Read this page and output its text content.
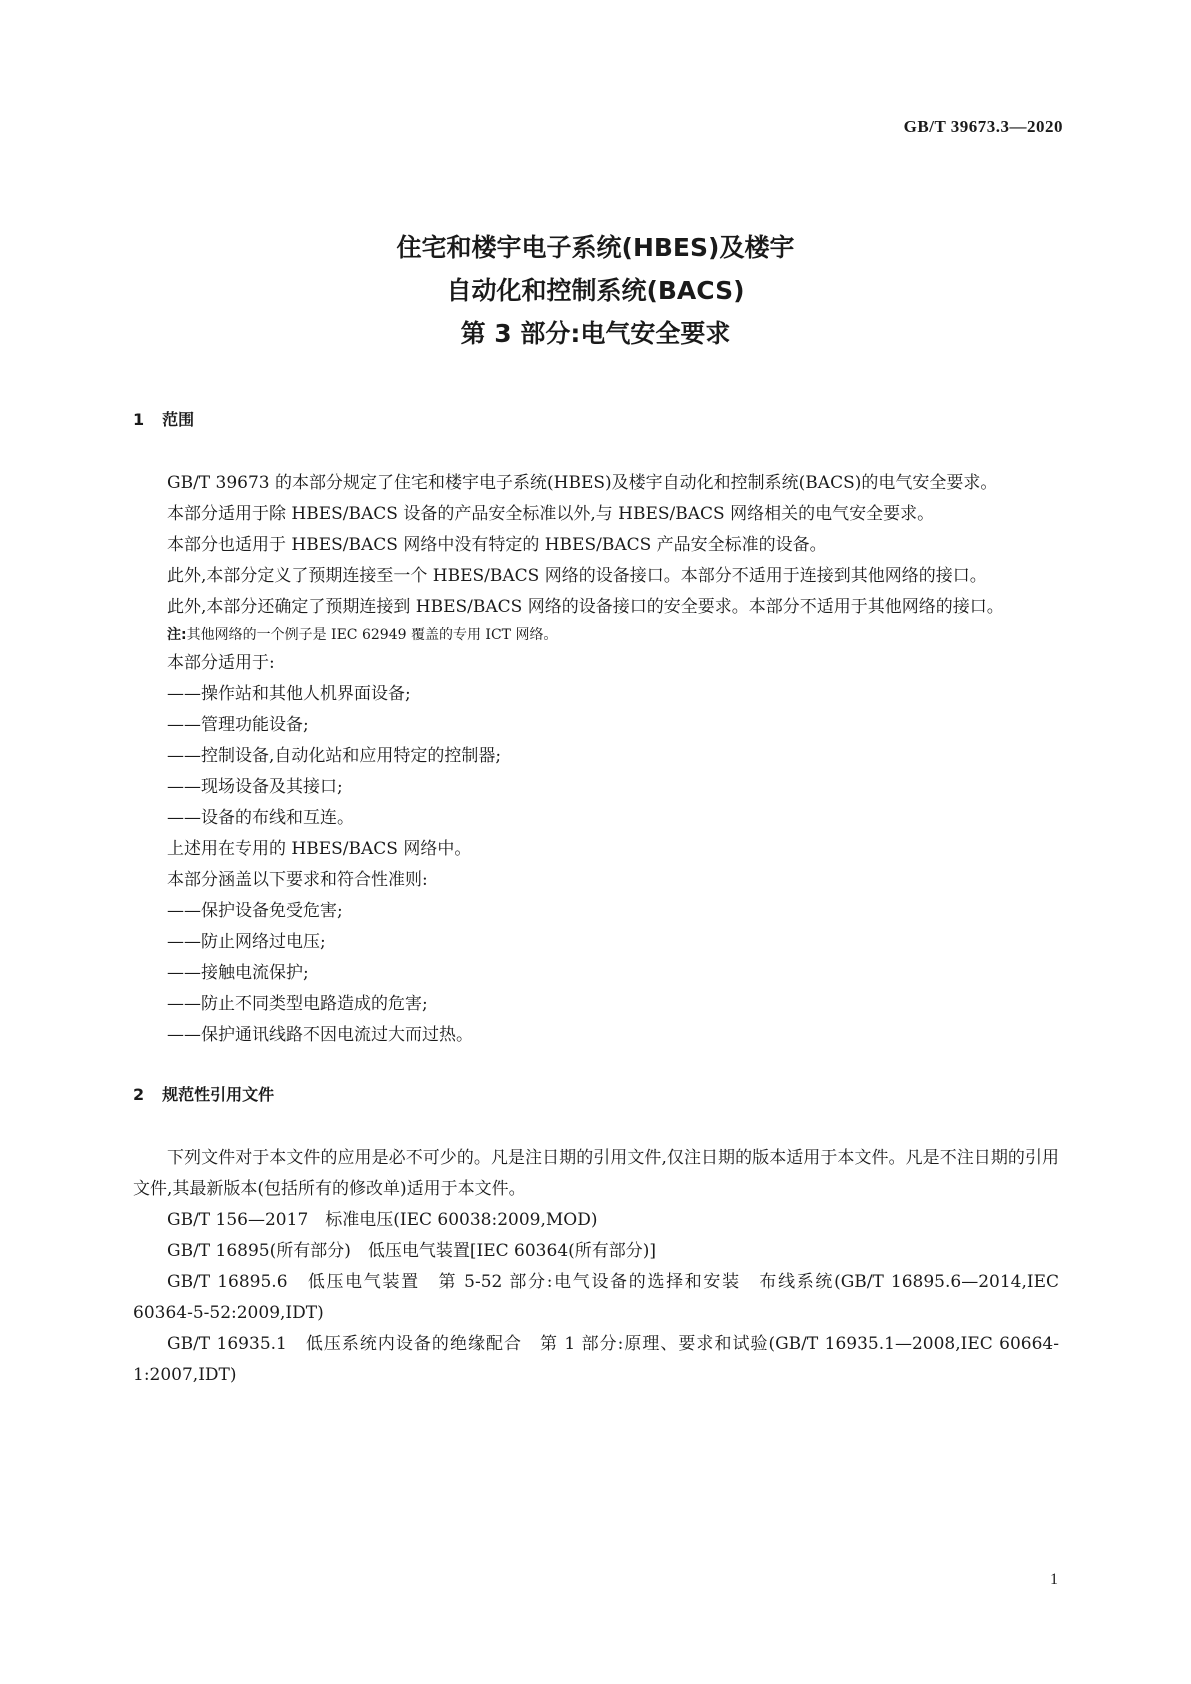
GB/T 39673.3—2020
住宅和楼宇电子系统(HBES)及楼宇
自动化和控制系统(BACS)
第 3 部分:电气安全要求
1 范围

GB/T 39673 的本部分规定了住宅和楼宇电子系统(HBES)及楼宇自动化和控制系统(BACS)的电气安全要求。

本部分适用于除 HBES/BACS 设备的产品安全标准以外,与 HBES/BACS 网络相关的电气安全要求。

本部分也适用于 HBES/BACS 网络中没有特定的 HBES/BACS 产品安全标准的设备。

此外,本部分定义了预期连接至一个 HBES/BACS 网络的设备接口。本部分不适用于连接到其他网络的接口。

此外,本部分还确定了预期连接到 HBES/BACS 网络的设备接口的安全要求。本部分不适用于其他网络的接口。

注:其他网络的一个例子是 IEC 62949 覆盖的专用 ICT 网络。

本部分适用于:

——操作站和其他人机界面设备;

——管理功能设备;

——控制设备,自动化站和应用特定的控制器;

——现场设备及其接口;

——设备的布线和互连。

上述用在专用的 HBES/BACS 网络中。

本部分涵盖以下要求和符合性准则:

——保护设备免受危害;

——防止网络过电压;

——接触电流保护;

——防止不同类型电路造成的危害;

——保护通讯线路不因电流过大而过热。

2 规范性引用文件

下列文件对于本文件的应用是必不可少的。凡是注日期的引用文件,仅注日期的版本适用于本文件。凡是不注日期的引用文件,其最新版本(包括所有的修改单)适用于本文件。

GB/T 156—2017　标准电压(IEC 60038:2009,MOD)

GB/T 16895(所有部分)　低压电气装置[IEC 60364(所有部分)]

GB/T 16895.6　低压电气装置　第 5-52 部分:电气设备的选择和安装　布线系统(GB/T 16895.6—2014,IEC 60364-5-52:2009,IDT)

GB/T 16935.1　低压系统内设备的绝缘配合　第 1 部分:原理、要求和试验(GB/T 16935.1—2008,IEC 60664-1:2007,IDT)

1
